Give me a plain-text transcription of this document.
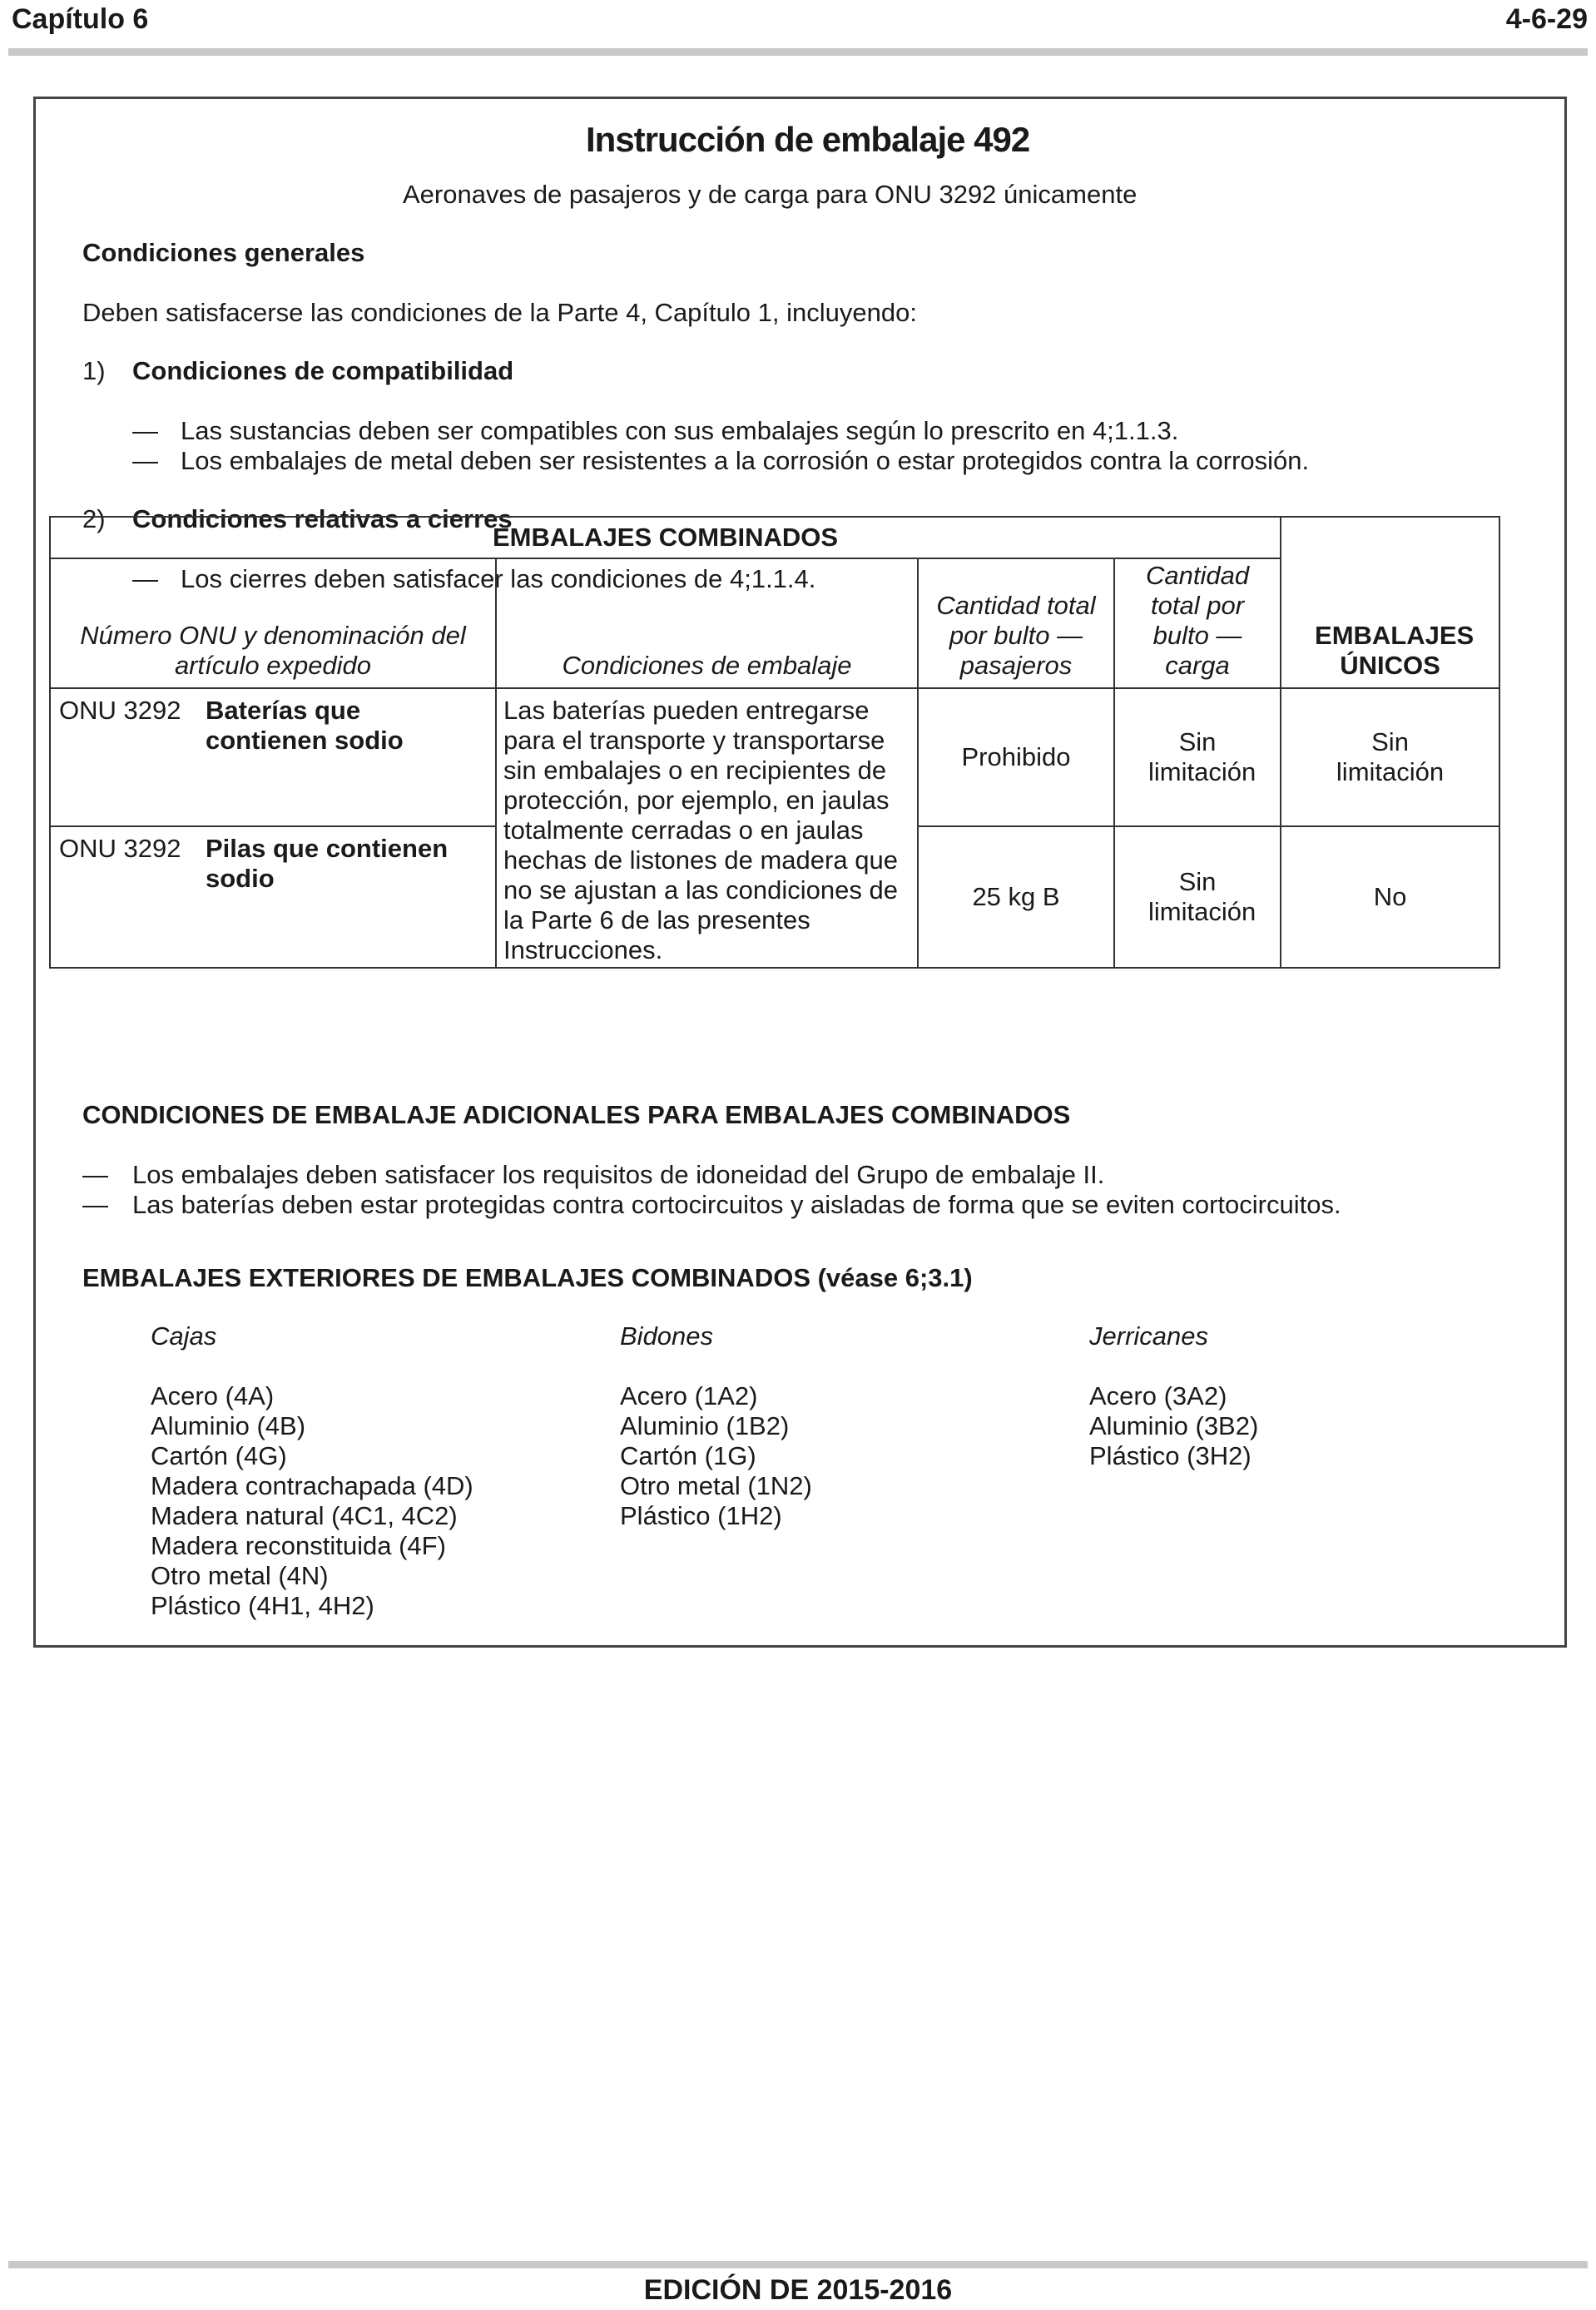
Capítulo 6	4-6-29
Instrucción de embalaje 492
Aeronaves de pasajeros y de carga para ONU 3292 únicamente
Condiciones generales
Deben satisfacerse las condiciones de la Parte 4, Capítulo 1, incluyendo:
1) Condiciones de compatibilidad
— Las sustancias deben ser compatibles con sus embalajes según lo prescrito en 4;1.1.3.
— Los embalajes de metal deben ser resistentes a la corrosión o estar protegidos contra la corrosión.
2) Condiciones relativas a cierres
— Los cierres deben satisfacer las condiciones de 4;1.1.4.
EMBALAJES COMBINADOS				EMBALAJES ÚNICOS

Número ONU y denominación del artículo expedido	Condiciones de embalaje	Cantidad total por bulto — pasajeros	Cantidad total por bulto — carga	

ONU 3292 Baterías que contienen sodio	Las baterías pueden entregarse para el transporte y transportarse sin embalajes o en recipientes de protección, por ejemplo, en jaulas totalmente cerradas o en jaulas hechas de listones de madera que no se ajustan a las condiciones de la Parte 6 de las presentes Instrucciones.	Prohibido	Sin limitación	Sin limitación

ONU 3292 Pilas que contienen sodio		25 kg B	Sin limitación	No
CONDICIONES DE EMBALAJE ADICIONALES PARA EMBALAJES COMBINADOS
— Los embalajes deben satisfacer los requisitos de idoneidad del Grupo de embalaje II.
— Las baterías deben estar protegidas contra cortocircuitos y aisladas de forma que se eviten cortocircuitos.
EMBALAJES EXTERIORES DE EMBALAJES COMBINADOS (véase 6;3.1)
Cajas
Acero (4A)
Aluminio (4B)
Cartón (4G)
Madera contrachapada (4D)
Madera natural (4C1, 4C2)
Madera reconstituida (4F)
Otro metal (4N)
Plástico (4H1, 4H2)
Bidones
Acero (1A2)
Aluminio (1B2)
Cartón (1G)
Otro metal (1N2)
Plástico (1H2)
Jerricanes
Acero (3A2)
Aluminio (3B2)
Plástico (3H2)
EDICIÓN DE 2015-2016
